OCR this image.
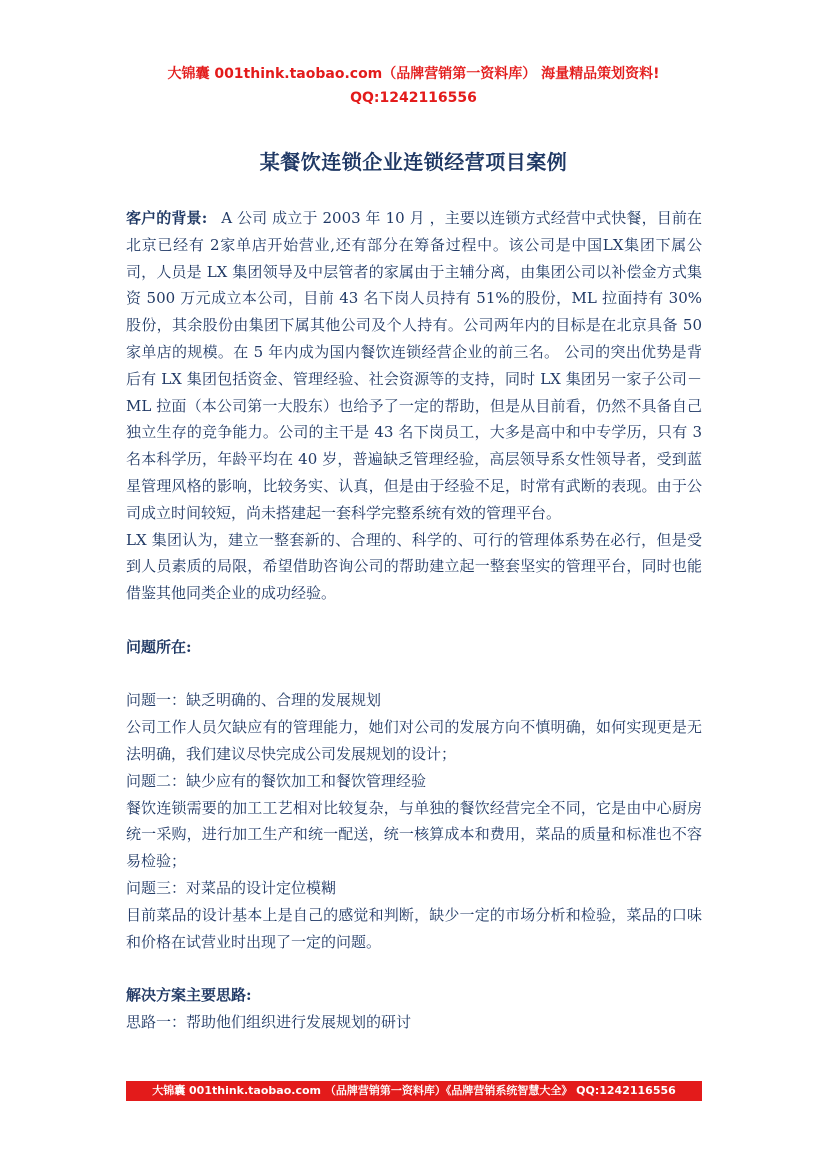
大锦囊 001think.taobao.com（品牌营销第一资料库） 海量精品策划资料!
QQ:1242116556
某餐饮连锁企业连锁经营项目案例

客户的背景: A 公司 成立于 2003 年 10 月 ，主要以连锁方式经营中式快餐，目前在北京已经有 2家单店开始营业,还有部分在筹备过程中。该公司是中国LX集团下属公司，人员是 LX 集团领导及中层管者的家属由于主辅分离，由集团公司以补偿金方式集资 500 万元成立本公司，目前 43 名下岗人员持有 51%的股份，ML 拉面持有 30%股份，其余股份由集团下属其他公司及个人持有。公司两年内的目标是在北京具备 50 家单店的规模。在 5 年内成为国内餐饮连锁经营企业的前三名。 公司的突出优势是背后有 LX 集团包括资金、管理经验、社会资源等的支持，同时 LX 集团另一家子公司－ ML 拉面（本公司第一大股东）也给予了一定的帮助，但是从目前看，仍然不具备自己独立生存的竞争能力。公司的主干是 43 名下岗员工，大多是高中和中专学历，只有 3 名本科学历，年龄平均在 40 岁，普遍缺乏管理经验，高层领导系女性领导者，受到蓝星管理风格的影响，比较务实、认真，但是由于经验不足，时常有武断的表现。由于公司成立时间较短，尚未搭建起一套科学完整系统有效的管理平台。

LX 集团认为，建立一整套新的、合理的、科学的、可行的管理体系势在必行，但是受到人员素质的局限，希望借助咨询公司的帮助建立起一整套坚实的管理平台，同时也能借鉴其他同类企业的成功经验。

问题所在:

问题一：缺乏明确的、合理的发展规划

公司工作人员欠缺应有的管理能力，她们对公司的发展方向不慎明确，如何实现更是无法明确，我们建议尽快完成公司发展规划的设计；

问题二：缺少应有的餐饮加工和餐饮管理经验

餐饮连锁需要的加工工艺相对比较复杂，与单独的餐饮经营完全不同，它是由中心厨房统一采购，进行加工生产和统一配送，统一核算成本和费用，菜品的质量和标准也不容易检验；

问题三：对菜品的设计定位模糊

目前菜品的设计基本上是自己的感觉和判断，缺少一定的市场分析和检验，菜品的口味和价格在试营业时出现了一定的问题。

解决方案主要思路:

思路一：帮助他们组织进行发展规划的研讨

大锦囊 001think.taobao.com （品牌营销第一资料库）《品牌营销系统智慧大全》 QQ:1242116556
